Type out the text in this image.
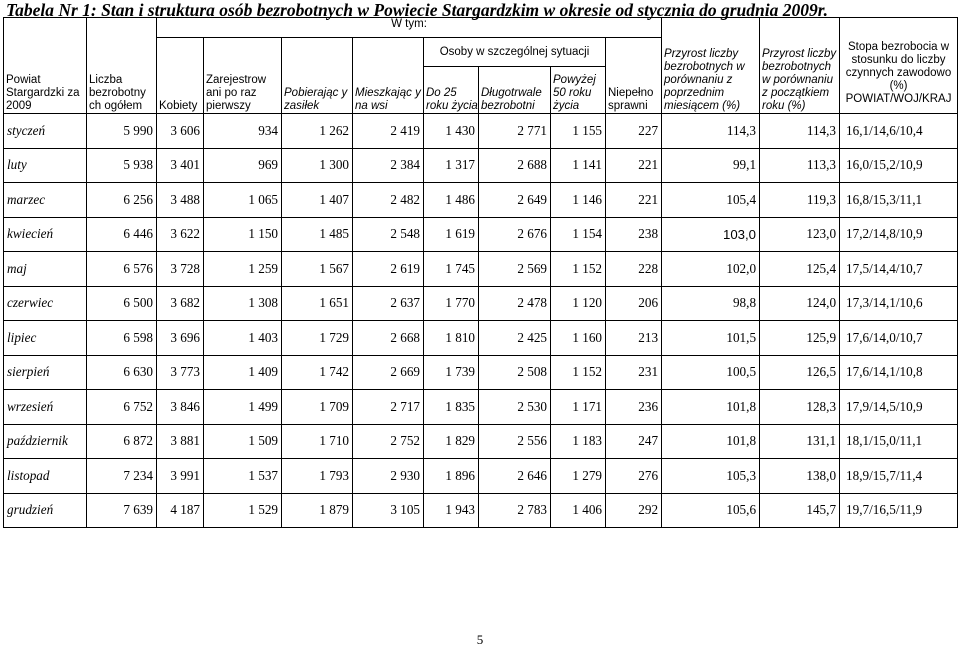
Tabela Nr 1: Stan i struktura osób bezrobotnych w Powiecie Stargardzkim w okresie od stycznia do grudnia 2009r.
Powiat Stargardzki za 2009	Liczba bezrobotny ch ogółem	W tym:								Przyrost liczby bezrobotnych w porównaniu z poprzednim miesiącem (%)	Przyrost liczby bezrobotnych w porównaniu z początkiem roku (%)	Stopa bezrobocia w stosunku do liczby czynnych zawodowo (%) POWIAT/WOJ/KRAJ
		Kobiety	Zarejestrow ani po raz pierwszy	Pobierając y zasiłek	Mieszkając y na wsi	Osoby w szczególnej sytuacji			Niepełno sprawni			
						Do 25 roku życia	Długotrwale bezrobotni	Powyżej 50 roku życia				
styczeń	5 990	3 606	934	1 262	2 419	1 430	2 771	1 155	227	114,3	114,3	16,1/14,6/10,4
luty	5 938	3 401	969	1 300	2 384	1 317	2 688	1 141	221	99,1	113,3	16,0/15,2/10,9
marzec	6 256	3 488	1 065	1 407	2 482	1 486	2 649	1 146	221	105,4	119,3	16,8/15,3/11,1
kwiecień	6 446	3 622	1 150	1 485	2 548	1 619	2 676	1 154	238	103,0	123,0	17,2/14,8/10,9
maj	6 576	3 728	1 259	1 567	2 619	1 745	2 569	1 152	228	102,0	125,4	17,5/14,4/10,7
czerwiec	6 500	3 682	1 308	1 651	2 637	1 770	2 478	1 120	206	98,8	124,0	17,3/14,1/10,6
lipiec	6 598	3 696	1 403	1 729	2 668	1 810	2 425	1 160	213	101,5	125,9	17,6/14,0/10,7
sierpień	6 630	3 773	1 409	1 742	2 669	1 739	2 508	1 152	231	100,5	126,5	17,6/14,1/10,8
wrzesień	6 752	3 846	1 499	1 709	2 717	1 835	2 530	1 171	236	101,8	128,3	17,9/14,5/10,9
październik	6 872	3 881	1 509	1 710	2 752	1 829	2 556	1 183	247	101,8	131,1	18,1/15,0/11,1
listopad	7 234	3 991	1 537	1 793	2 930	1 896	2 646	1 279	276	105,3	138,0	18,9/15,7/11,4
grudzień	7 639	4 187	1 529	1 879	3 105	1 943	2 783	1 406	292	105,6	145,7	19,7/16,5/11,9
5
